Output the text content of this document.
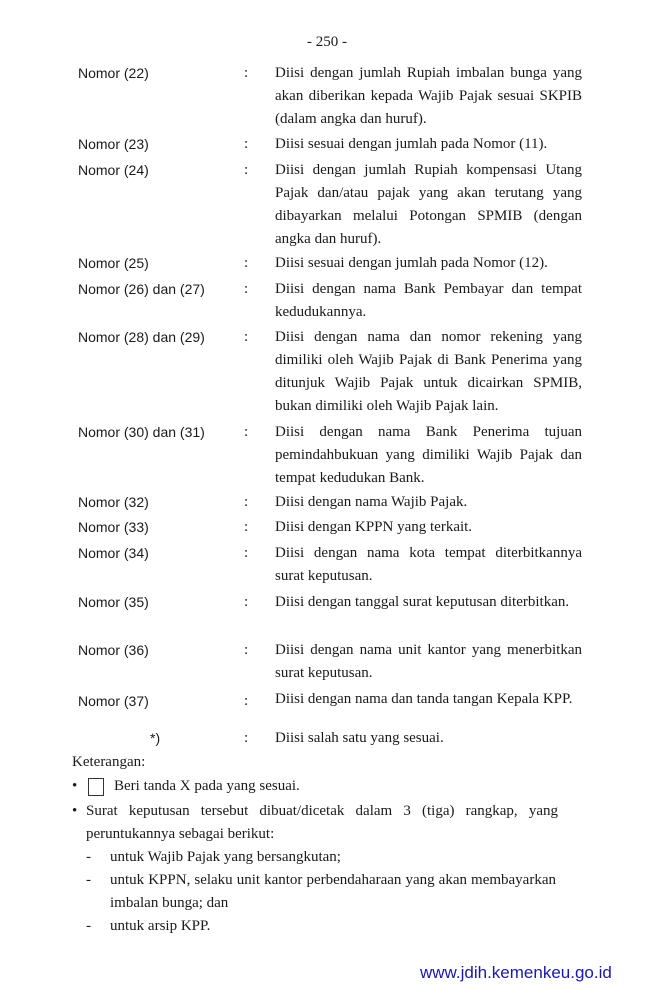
- 250 -
Nomor (22)	: Diisi dengan jumlah Rupiah imbalan bunga yang akan diberikan kepada Wajib Pajak sesuai SKPIB (dalam angka dan huruf).
Nomor (23)	: Diisi sesuai dengan jumlah pada Nomor (11).
Nomor (24)	: Diisi dengan jumlah Rupiah kompensasi Utang Pajak dan/atau pajak yang akan terutang yang dibayarkan melalui Potongan SPMIB (dengan angka dan huruf).
Nomor (25)	: Diisi sesuai dengan jumlah pada Nomor (12).
Nomor (26) dan (27)	: Diisi dengan nama Bank Pembayar dan tempat kedudukannya.
Nomor (28) dan (29)	: Diisi dengan nama dan nomor rekening yang dimiliki oleh Wajib Pajak di Bank Penerima yang ditunjuk Wajib Pajak untuk dicairkan SPMIB, bukan dimiliki oleh Wajib Pajak lain.
Nomor (30) dan (31)	: Diisi dengan nama Bank Penerima tujuan pemindahbukuan yang dimiliki Wajib Pajak dan tempat kedudukan Bank.
Nomor (32)	: Diisi dengan nama Wajib Pajak.
Nomor (33)	: Diisi dengan KPPN yang terkait.
Nomor (34)	: Diisi dengan nama kota tempat diterbitkannya surat keputusan.
Nomor (35)	: Diisi dengan tanggal surat keputusan diterbitkan.
Nomor (36)	: Diisi dengan nama unit kantor yang menerbitkan surat keputusan.
Nomor (37)	: Diisi dengan nama dan tanda tangan Kepala KPP.
*)	: Diisi salah satu yang sesuai.
Keterangan:
• Beri tanda X pada yang sesuai.
• Surat keputusan tersebut dibuat/dicetak dalam 3 (tiga) rangkap, yang peruntukannya sebagai berikut:
- untuk Wajib Pajak yang bersangkutan;
- untuk KPPN, selaku unit kantor perbendaharaan yang akan membayarkan imbalan bunga; dan
- untuk arsip KPP.
www.jdih.kemenkeu.go.id
